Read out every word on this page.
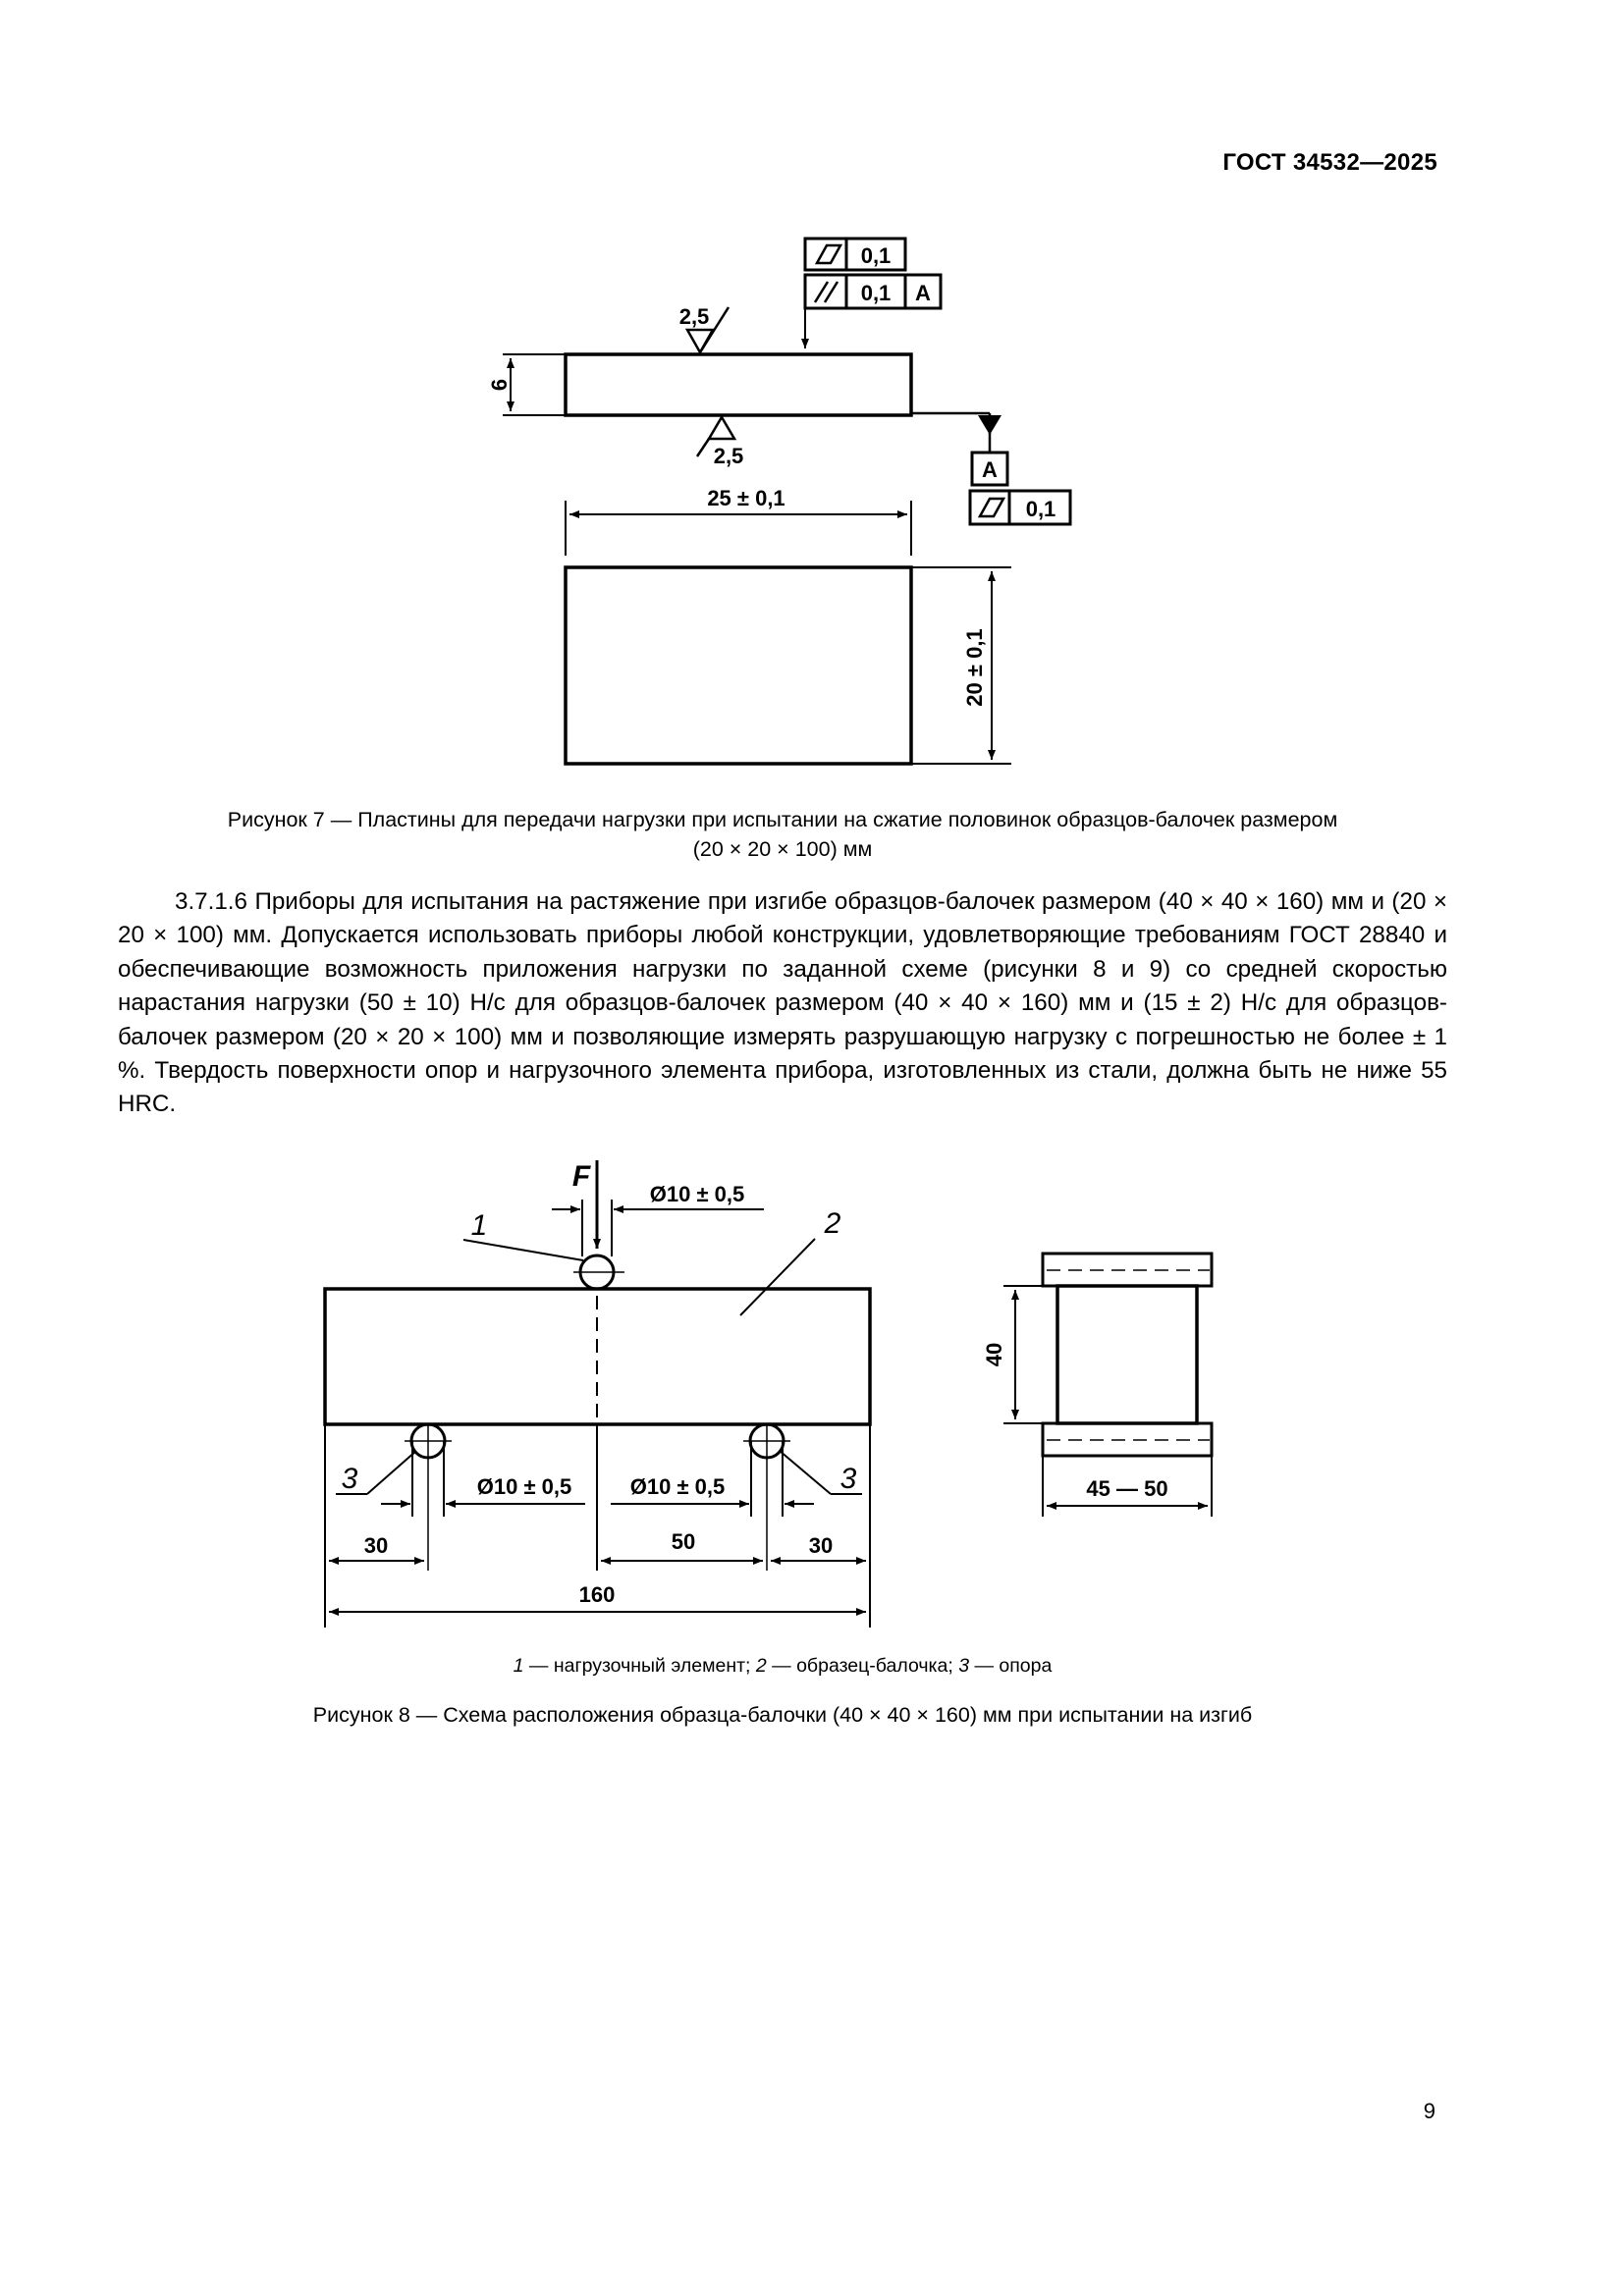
ГОСТ 34532—2025
0,1
0,1 A
2,5
6
2,5
A
0,1
25 ± 0,1
20 ± 0,1
Рисунок 7 — Пластины для передачи нагрузки при испытании на сжатие половинок образцов-балочек размером
(20 × 20 × 100) мм

3.7.1.6 Приборы для испытания на растяжение при изгибе образцов-балочек размером (40 × 40 × 160) мм и (20 × 20 × 100) мм. Допускается использовать приборы любой конструкции, удовлетворяющие требованиям ГОСТ 28840 и обеспечивающие возможность приложения нагрузки по заданной схеме (рисунки 8 и 9) со средней скоростью нарастания нагрузки (50 ± 10) Н/с для образцов-балочек размером (40 × 40 × 160) мм и (15 ± 2) Н/с для образцов-балочек размером (20 × 20 × 100) мм и позволяющие измерять разрушающую нагрузку с погрешностью не более ± 1 %. Твердость поверхности опор и нагрузочного элемента прибора, изготовленных из стали, должна быть не ниже 55 HRC.

F
Ø10 ± 0,5
1	2
3	3
Ø10 ± 0,5	Ø10 ± 0,5
30	50	30
160
40
45 — 50
1 — нагрузочный элемент; 2 — образец-балочка; 3 — опора
Рисунок 8 — Схема расположения образца-балочки (40 × 40 × 160) мм при испытании на изгиб
9
